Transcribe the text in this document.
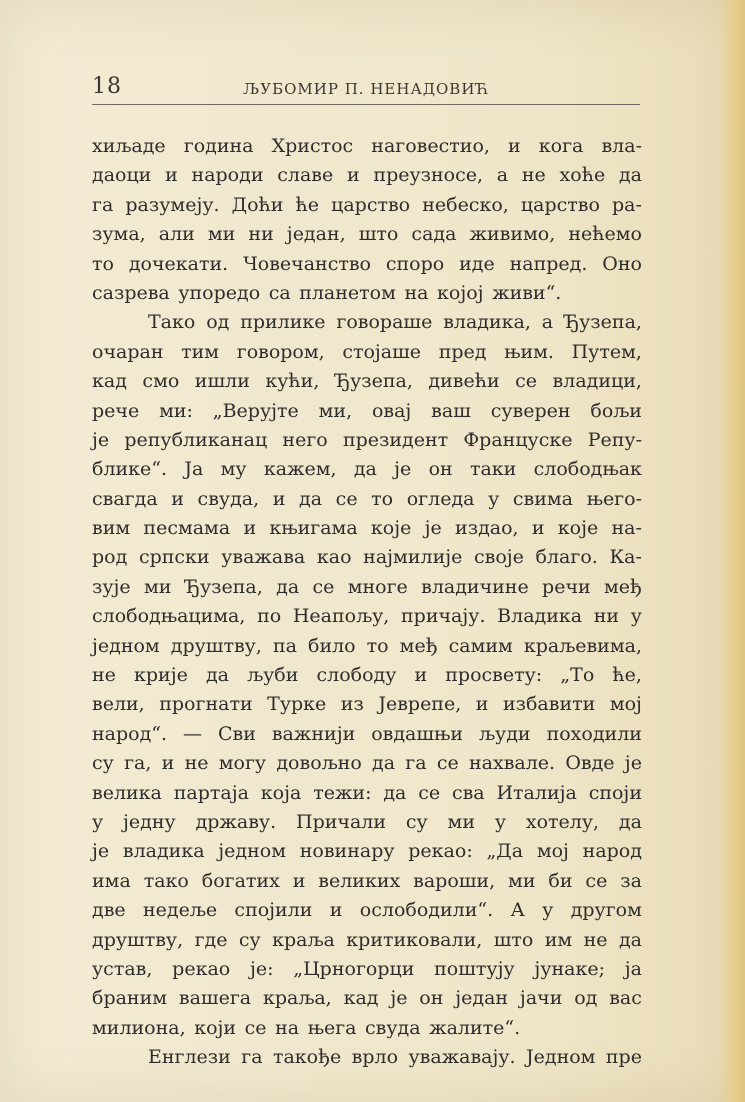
18	ЉУБОМИР П. НЕНАДОВИЋ
хиљаде година Христос наговестио, и кога вла-
даоци и народи славе и преузносе, а не хоће да
га разумеју. Доћи ће царство небеско, царство ра-
зума, али ми ни један, што сада живимо, нећемо
то дочекати. Човечанство споро иде напред. Оно
сазрева упоредо са планетом на којој живи“.
Тако од прилике говораше владика, а Ђузепа,
очаран тим говором, стојаше пред њим. Путем,
кад смо ишли кући, Ђузепа, дивећи се владици,
рече ми: „Верујте ми, овај ваш суверен бољи
је републиканац него президент Француске Репу-
блике“. Ја му кажем, да је он таки слободњак
свагда и свуда, и да се то огледа у свима њего-
вим песмама и књигама које је издао, и које на-
род српски уважава као најмилије своје благо. Ка-
зује ми Ђузепа, да се многе владичине речи међ
слободњацима, по Неапољу, причају. Владика ни у
једном друштву, па било то међ самим краљевима,
не крије да љуби слободу и просвету: „То ће,
вели, прогнати Турке из Јеврепе, и избавити мој
народ“. — Сви важнији овдашњи људи походили
су га, и не могу довољно да га се нахвале. Овде је
велика партаја која тежи: да се сва Италија споји
у једну државу. Причали су ми у хотелу, да
је владика једном новинару рекао: „Да мој народ
има тако богатих и великих вароши, ми би се за
две недеље спојили и ослободили“. А у другом
друштву, где су краља критиковали, што им не да
устав, рекао је: „Црногорци поштују јунаке; ја
браним вашега краља, кад је он један јачи од вас
милиона, који се на њега свуда жалите“.
Енглези га такође врло уважавају. Једном пре
